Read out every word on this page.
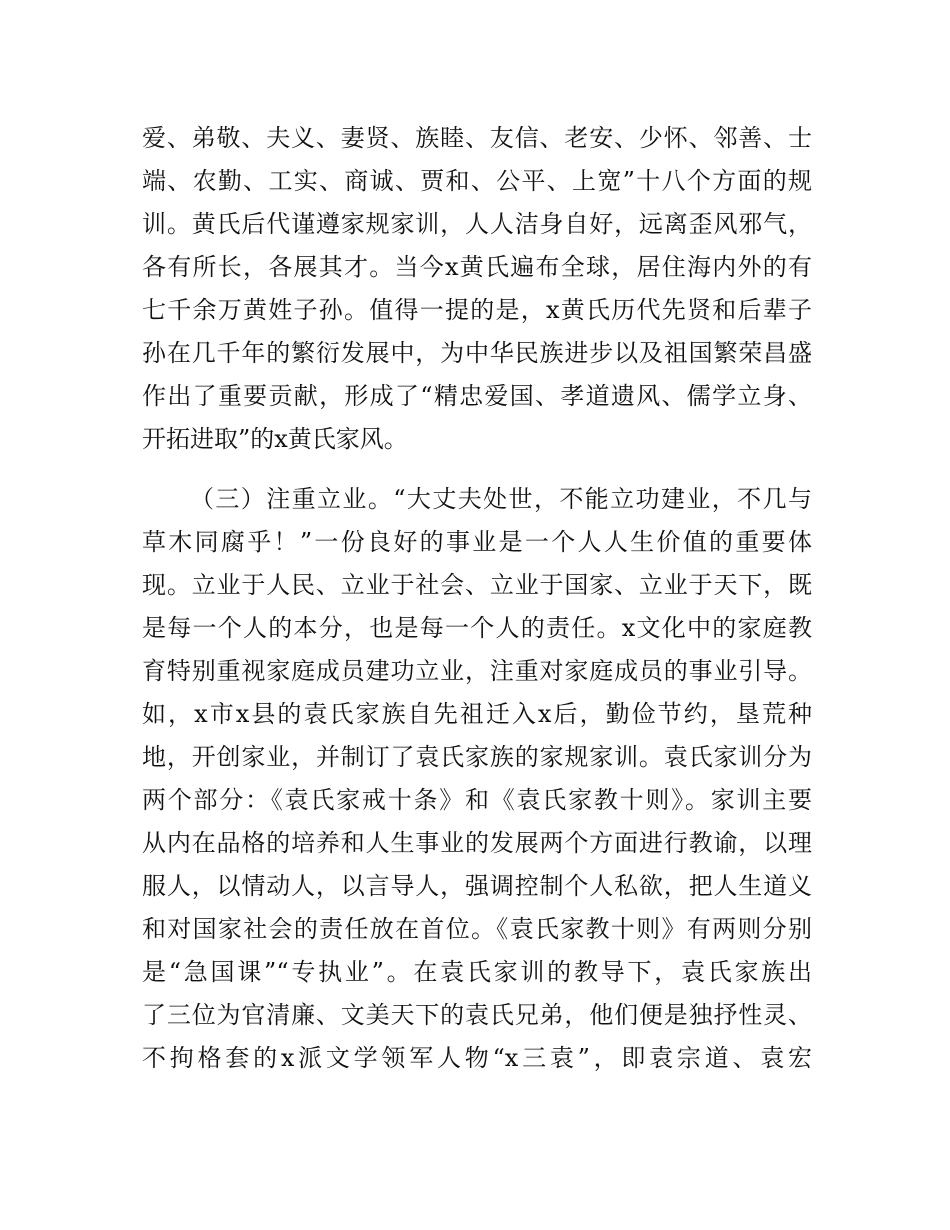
爱、弟敬、夫义、妻贤、族睦、友信、老安、少怀、邻善、士
端、农勤、工实、商诚、贾和、公平、上宽”十八个方面的规
训。黄氏后代谨遵家规家训，人人洁身自好，远离歪风邪气，
各有所长，各展其才。当今x黄氏遍布全球，居住海内外的有
七千余万黄姓子孙。值得一提的是，x黄氏历代先贤和后辈子
孙在几千年的繁衍发展中，为中华民族进步以及祖国繁荣昌盛
作出了重要贡献，形成了“精忠爱国、孝道遗风、儒学立身、
开拓进取”的x黄氏家风。
（三）注重立业。“大丈夫处世，不能立功建业，不几与
草木同腐乎！”一份良好的事业是一个人人生价值的重要体
现。立业于人民、立业于社会、立业于国家、立业于天下，既
是每一个人的本分，也是每一个人的责任。x文化中的家庭教
育特别重视家庭成员建功立业，注重对家庭成员的事业引导。
如，x市x县的袁氏家族自先祖迁入x后，勤俭节约，垦荒种
地，开创家业，并制订了袁氏家族的家规家训。袁氏家训分为
两个部分：《袁氏家戒十条》和《袁氏家教十则》。家训主要
从内在品格的培养和人生事业的发展两个方面进行教谕，以理
服人，以情动人，以言导人，强调控制个人私欲，把人生道义
和对国家社会的责任放在首位。《袁氏家教十则》有两则分别
是“急国课”“专执业”。在袁氏家训的教导下，袁氏家族出
了三位为官清廉、文美天下的袁氏兄弟，他们便是独抒性灵、
不拘格套的x派文学领军人物“x三袁”，即袁宗道、袁宏
